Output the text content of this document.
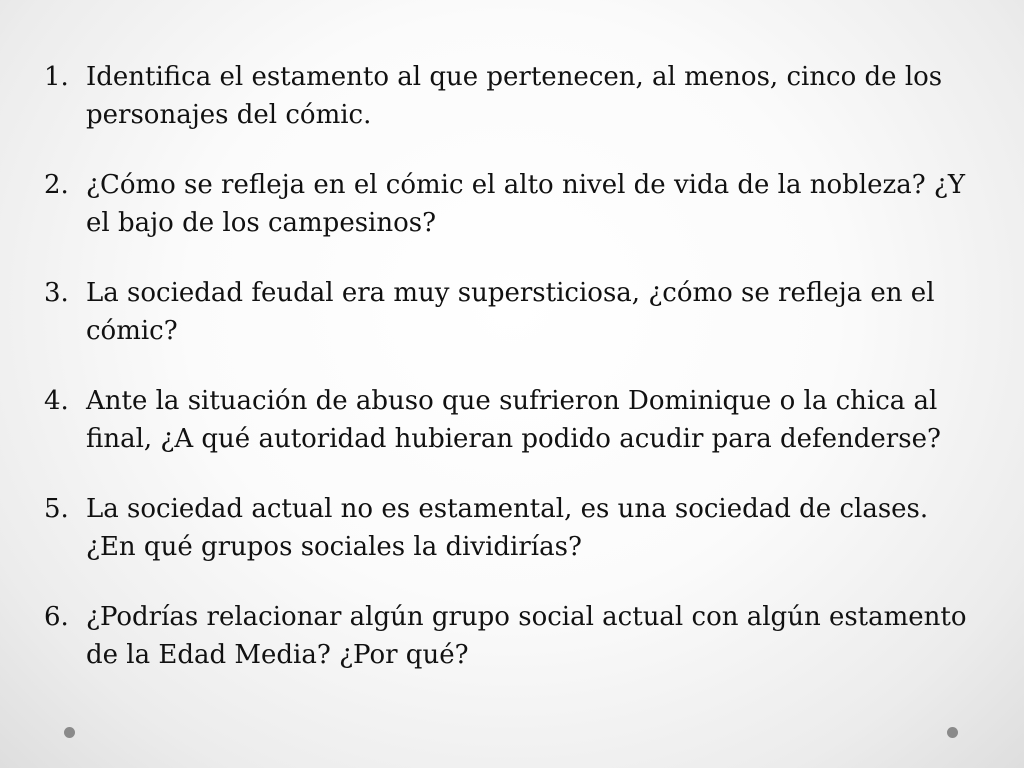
1. Identifica el estamento al que pertenecen, al menos, cinco de los personajes del cómic.
2. ¿Cómo se refleja en el cómic el alto nivel de vida de la nobleza? ¿Y el bajo de los campesinos?
3. La sociedad feudal era muy supersticiosa, ¿cómo se refleja en el cómic?
4. Ante la situación de abuso que sufrieron Dominique o la chica al final, ¿A qué autoridad hubieran podido acudir para defenderse?
5. La sociedad actual no es estamental, es una sociedad de clases. ¿En qué grupos sociales la dividirías?
6. ¿Podrías relacionar algún grupo social actual con algún estamento de la Edad Media? ¿Por qué?
